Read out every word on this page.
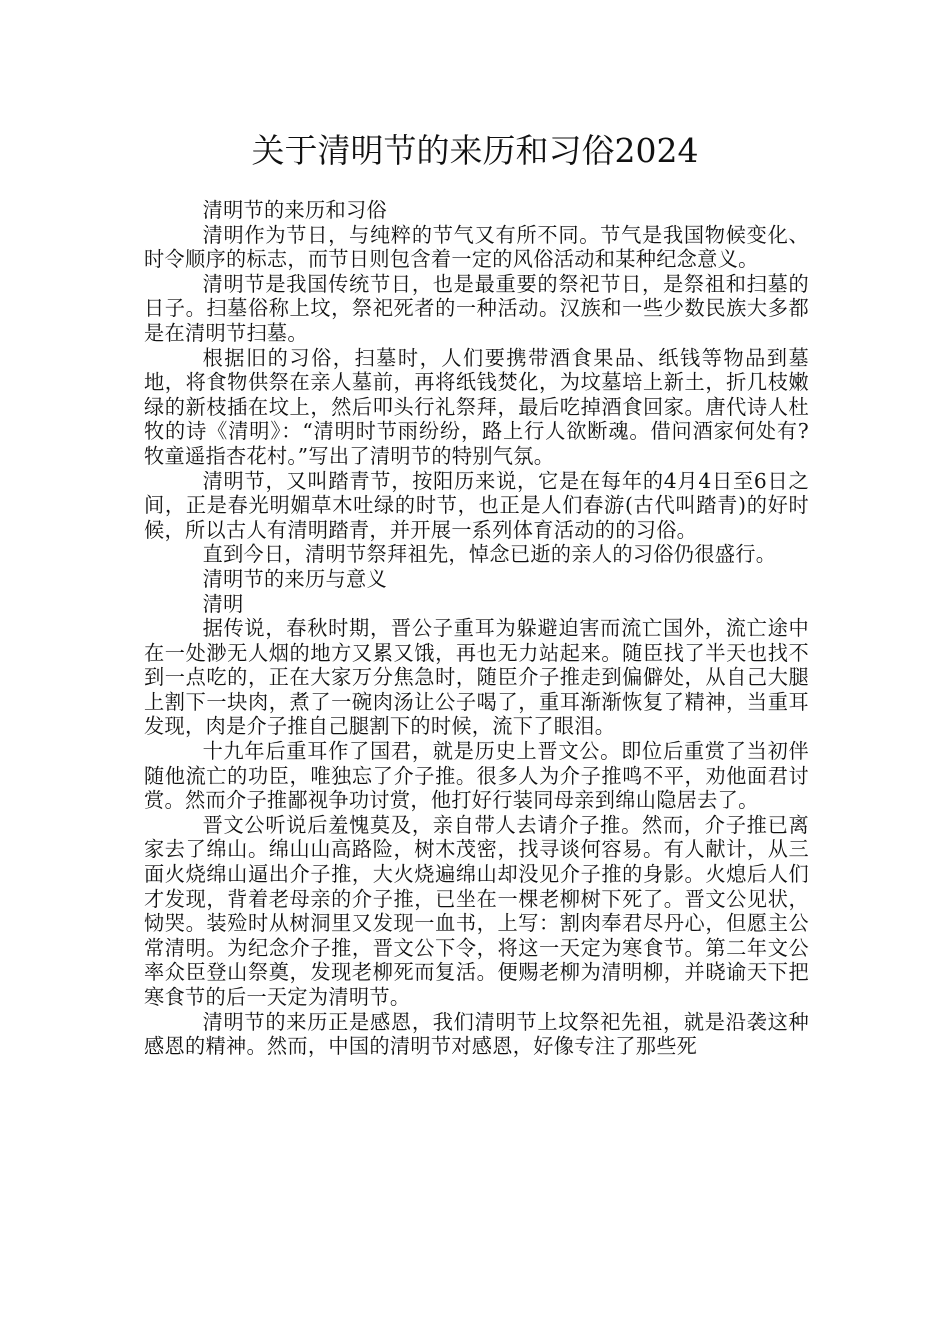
关于清明节的来历和习俗2024

清明节的来历和习俗

清明作为节日，与纯粹的节气又有所不同。节气是我国物候变化、时令顺序的标志，而节日则包含着一定的风俗活动和某种纪念意义。

清明节是我国传统节日，也是最重要的祭祀节日，是祭祖和扫墓的日子。扫墓俗称上坟，祭祀死者的一种活动。汉族和一些少数民族大多都是在清明节扫墓。

根据旧的习俗，扫墓时，人们要携带酒食果品、纸钱等物品到墓地，将食物供祭在亲人墓前，再将纸钱焚化，为坟墓培上新土，折几枝嫩绿的新枝插在坟上，然后叩头行礼祭拜，最后吃掉酒食回家。唐代诗人杜牧的诗《清明》：“清明时节雨纷纷，路上行人欲断魂。借问酒家何处有?牧童遥指杏花村。”写出了清明节的特别气氛。

清明节，又叫踏青节，按阳历来说，它是在每年的4月4日至6日之间，正是春光明媚草木吐绿的时节，也正是人们春游(古代叫踏青)的好时候，所以古人有清明踏青，并开展一系列体育活动的的习俗。

直到今日，清明节祭拜祖先，悼念已逝的亲人的习俗仍很盛行。

清明节的来历与意义

清明

据传说，春秋时期，晋公子重耳为躲避迫害而流亡国外，流亡途中在一处渺无人烟的地方又累又饿，再也无力站起来。随臣找了半天也找不到一点吃的，正在大家万分焦急时，随臣介子推走到偏僻处，从自己大腿上割下一块肉，煮了一碗肉汤让公子喝了，重耳渐渐恢复了精神，当重耳发现，肉是介子推自己腿割下的时候，流下了眼泪。

十九年后重耳作了国君，就是历史上晋文公。即位后重赏了当初伴随他流亡的功臣，唯独忘了介子推。很多人为介子推鸣不平，劝他面君讨赏。然而介子推鄙视争功讨赏，他打好行装同母亲到绵山隐居去了。

晋文公听说后羞愧莫及，亲自带人去请介子推。然而，介子推已离家去了绵山。绵山山高路险，树木茂密，找寻谈何容易。有人献计，从三面火烧绵山逼出介子推，大火烧遍绵山却没见介子推的身影。火熄后人们才发现，背着老母亲的介子推，已坐在一棵老柳树下死了。晋文公见状，恸哭。装殓时从树洞里又发现一血书，上写：割肉奉君尽丹心，但愿主公常清明。为纪念介子推，晋文公下令，将这一天定为寒食节。第二年文公率众臣登山祭奠，发现老柳死而复活。便赐老柳为清明柳，并晓谕天下把寒食节的后一天定为清明节。

清明节的来历正是感恩，我们清明节上坟祭祀先祖，就是沿袭这种感恩的精神。然而，中国的清明节对感恩，好像专注了那些死
